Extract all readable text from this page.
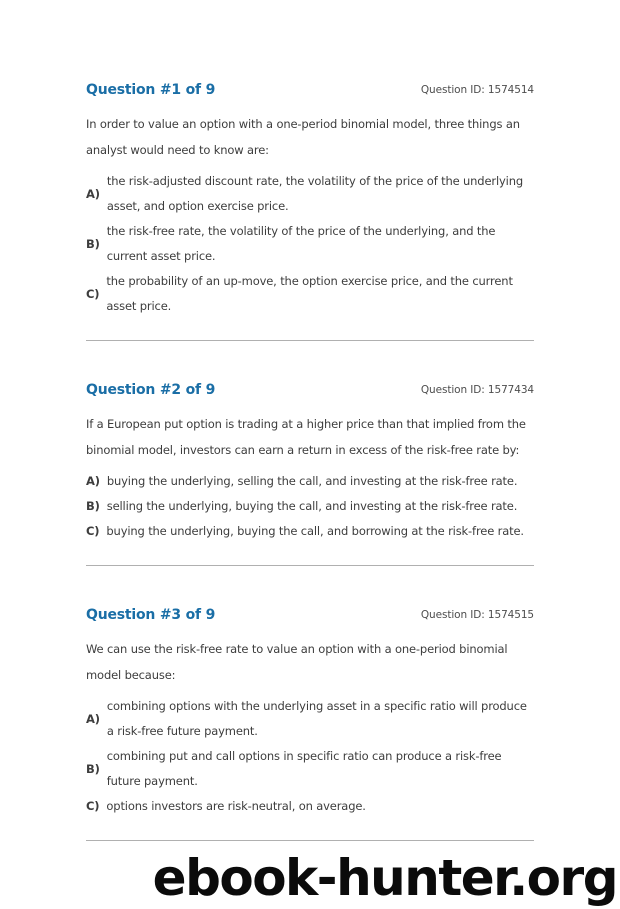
Question #1 of 9	Question ID: 1574514

In order to value an option with a one-period binomial model, three things an analyst would need to know are:

A)
the risk-adjusted discount rate, the volatility of the price of the underlying asset, and option exercise price.
B)
the risk-free rate, the volatility of the price of the underlying, and the current asset price.
C)
the probability of an up-move, the option exercise price, and the current asset price.
Question #2 of 9	Question ID: 1577434

If a European put option is trading at a higher price than that implied from the binomial model, investors can earn a return in excess of the risk-free rate by:

A) buying the underlying, selling the call, and investing at the risk-free rate.
B) selling the underlying, buying the call, and investing at the risk-free rate.
C) buying the underlying, buying the call, and borrowing at the risk-free rate.
Question #3 of 9	Question ID: 1574515

We can use the risk-free rate to value an option with a one-period binomial model because:

A)
combining options with the underlying asset in a specific ratio will produce a risk-free future payment.
B)
combining put and call options in specific ratio can produce a risk-free future payment.
C) options investors are risk-neutral, on average.
ebook-hunter.org
